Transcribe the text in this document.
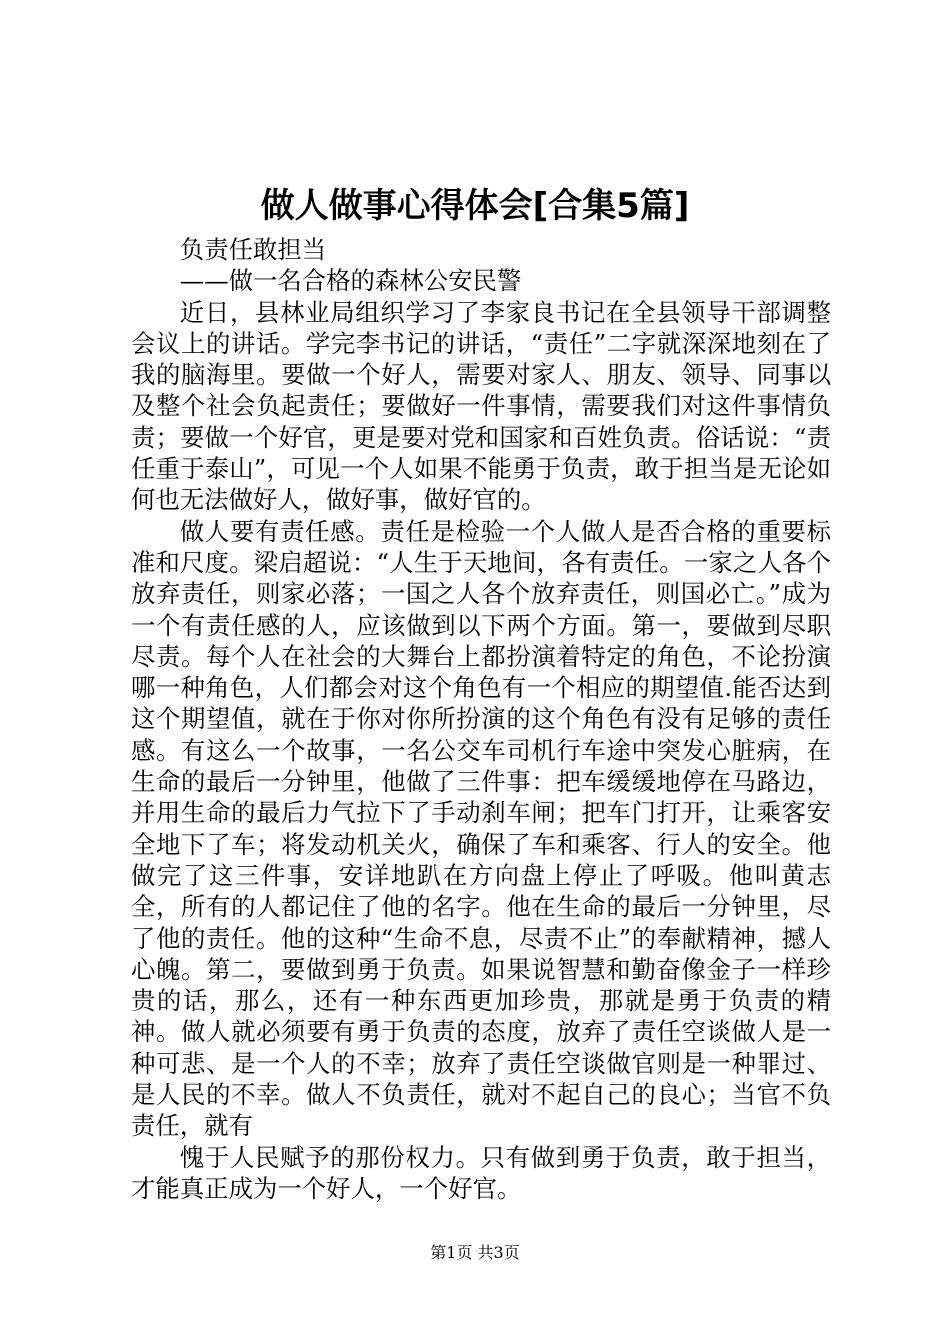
做人做事心得体会[合集5篇]

负责任敢担当

——做一名合格的森林公安民警

近日，县林业局组织学习了李家良书记在全县领导干部调整会议上的讲话。学完李书记的讲话，“责任”二字就深深地刻在了我的脑海里。要做一个好人，需要对家人、朋友、领导、同事以及整个社会负起责任；要做好一件事情，需要我们对这件事情负责；要做一个好官，更是要对党和国家和百姓负责。俗话说：“责任重于泰山”，可见一个人如果不能勇于负责，敢于担当是无论如何也无法做好人，做好事，做好官的。

做人要有责任感。责任是检验一个人做人是否合格的重要标准和尺度。梁启超说：“人生于天地间，各有责任。一家之人各个放弃责任，则家必落；一国之人各个放弃责任，则国必亡。”成为一个有责任感的人，应该做到以下两个方面。第一，要做到尽职尽责。每个人在社会的大舞台上都扮演着特定的角色，不论扮演哪一种角色，人们都会对这个角色有一个相应的期望值.能否达到这个期望值，就在于你对你所扮演的这个角色有没有足够的责任感。有这么一个故事，一名公交车司机行车途中突发心脏病，在生命的最后一分钟里，他做了三件事：把车缓缓地停在马路边，并用生命的最后力气拉下了手动刹车闸；把车门打开，让乘客安全地下了车；将发动机关火，确保了车和乘客、行人的安全。他做完了这三件事，安详地趴在方向盘上停止了呼吸。他叫黄志全，所有的人都记住了他的名字。他在生命的最后一分钟里，尽了他的责任。他的这种“生命不息，尽责不止”的奉献精神，撼人心魄。第二，要做到勇于负责。如果说智慧和勤奋像金子一样珍贵的话，那么，还有一种东西更加珍贵，那就是勇于负责的精神。做人就必须要有勇于负责的态度，放弃了责任空谈做人是一种可悲、是一个人的不幸；放弃了责任空谈做官则是一种罪过、是人民的不幸。做人不负责任，就对不起自己的良心；当官不负责任，就有

愧于人民赋予的那份权力。只有做到勇于负责，敢于担当，才能真正成为一个好人，一个好官。

第1页 共3页
